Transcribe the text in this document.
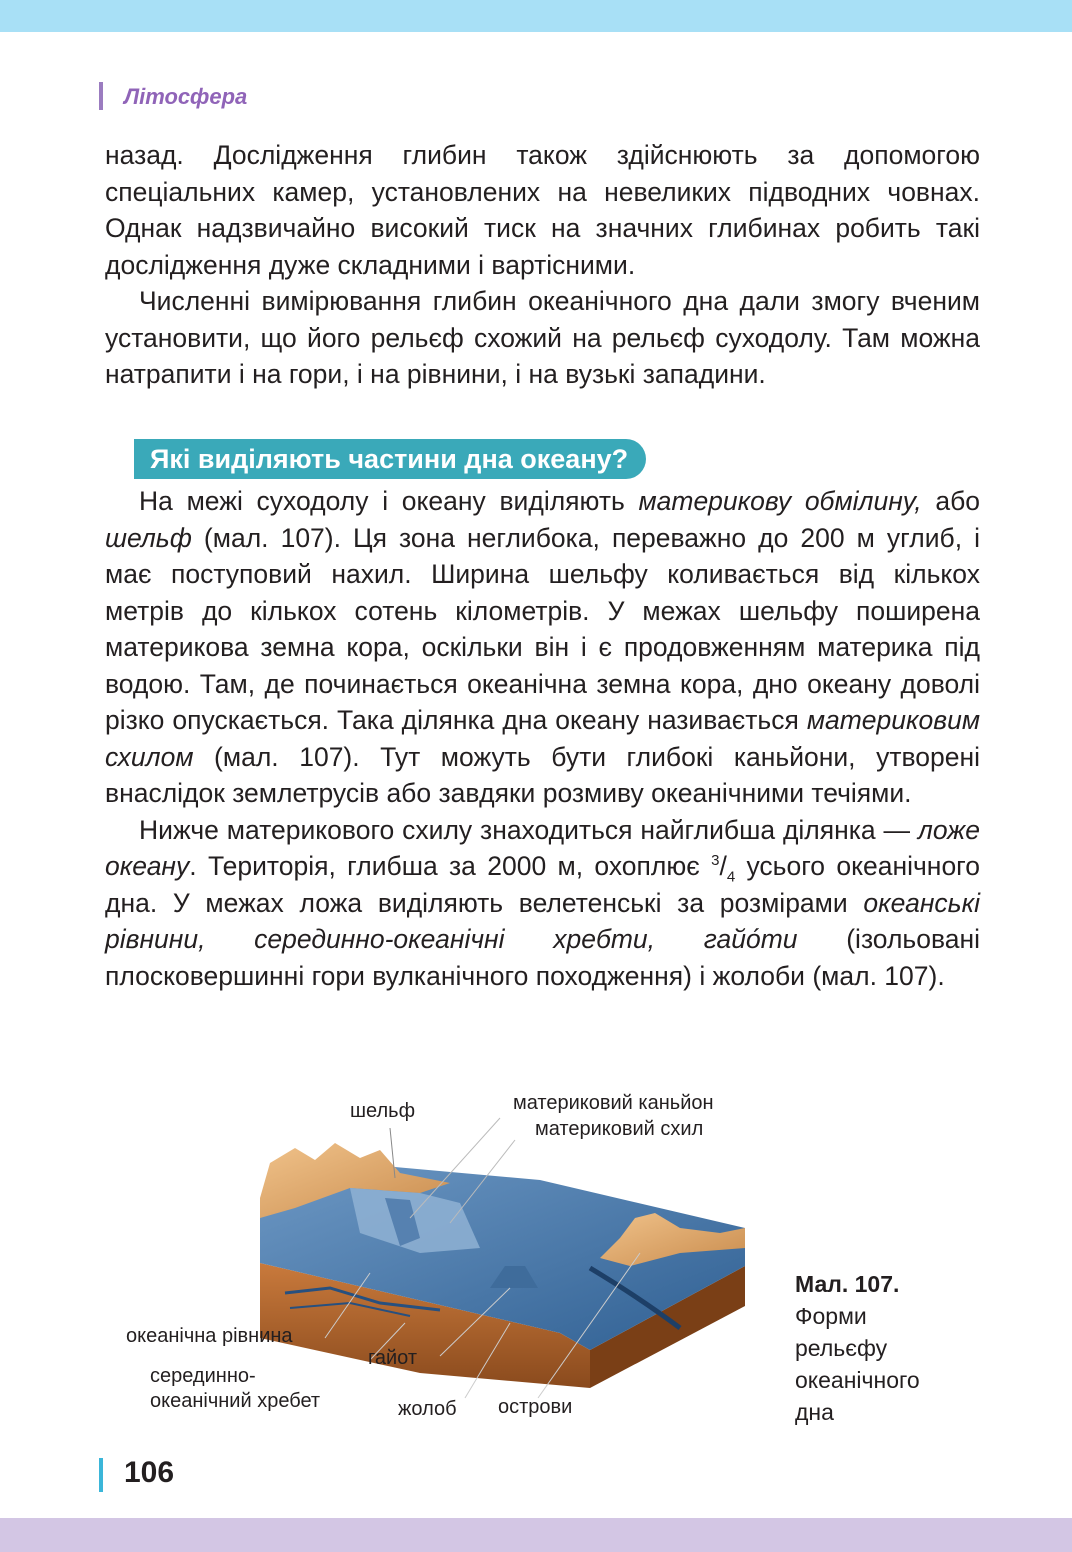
Літосфера

назад. Дослідження глибин також здійснюють за допомогою спеціальних камер, установлених на невеликих підводних човнах. Однак надзвичайно високий тиск на значних глибинах робить такі дослідження дуже складними і вартісними.

Численні вимірювання глибин океанічного дна дали змогу вченим установити, що його рельєф схожий на рельєф суходолу. Там можна натрапити і на гори, і на рівнини, і на вузькі западини.

Які виділяють частини дна океану?

На межі суходолу і океану виділяють материкову обмілину, або шельф (мал. 107). Ця зона неглибока, переважно до 200 м углиб, і має поступовий нахил. Ширина шельфу коливається від кількох метрів до кількох сотень кілометрів. У межах шельфу поширена материкова земна кора, оскільки він і є продовженням материка під водою. Там, де починається океанічна земна кора, дно океану доволі різко опускається. Така ділянка дна океану називається материковим схилом (мал. 107). Тут можуть бути глибокі каньйони, утворені внаслідок землетрусів або завдяки розмиву океанічними течіями.

Нижче материкового схилу знаходиться найглибша ділянка — ложе океану. Територія, глибша за 2000 м, охоплює $^3/_4$ усього океанічного дна. У межах ложа виділяють велетенські за розмірами океанські рівнини, серединно-океанічні хребти, гайо́ти (ізольовані плосковершинні гори вулканічного походження) і жолоби (мал. 107).

шельф	материковий каньйон
материковий схил
океанічна рівнина
серединно-
океанічний хребет
гайот
жолоб острови
Мал. 107.
Форми
рельєфу
океанічного
дна
106
